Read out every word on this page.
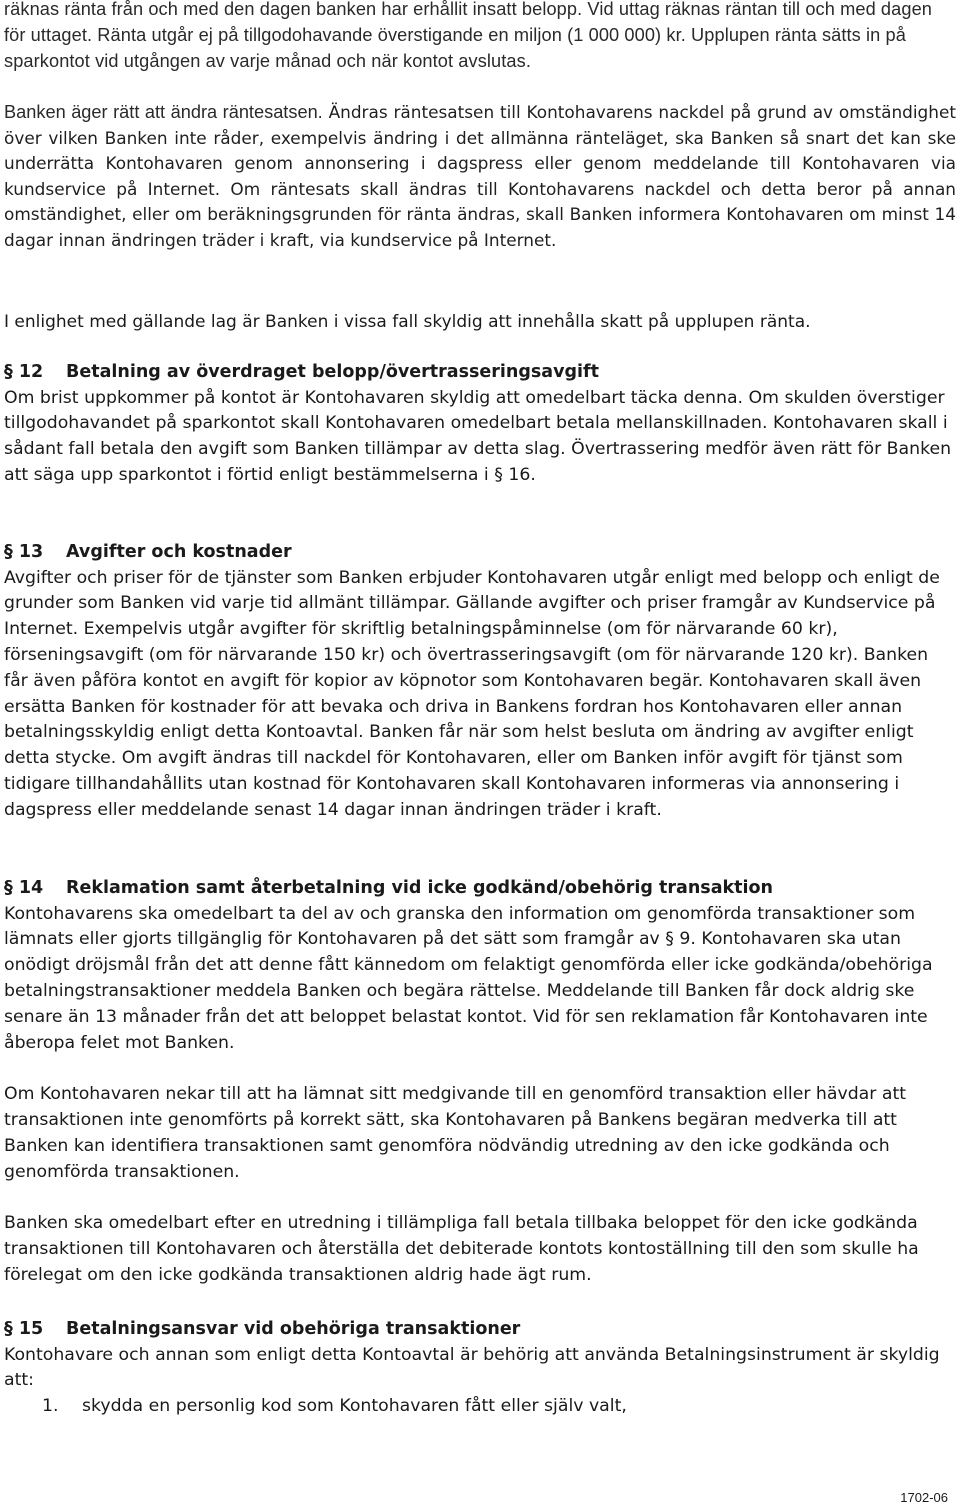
räknas ränta från och med den dagen banken har erhållit insatt belopp. Vid uttag räknas räntan till och med dagen för uttaget. Ränta utgår ej på tillgodohavande överstigande en miljon (1 000 000) kr. Upplupen ränta sätts in på sparkontot vid utgången av varje månad och när kontot avslutas.

Banken äger rätt att ändra räntesatsen. Ändras räntesatsen till Kontohavarens nackdel på grund av omständighet över vilken Banken inte råder, exempelvis ändring i det allmänna ränteläget, ska Banken så snart det kan ske underrätta Kontohavaren genom annonsering i dagspress eller genom meddelande till Kontohavaren via kundservice på Internet. Om räntesats skall ändras till Kontohavarens nackdel och detta beror på annan omständighet, eller om beräkningsgrunden för ränta ändras, skall Banken informera Kontohavaren om minst 14 dagar innan ändringen träder i kraft, via kundservice på Internet.

I enlighet med gällande lag är Banken i vissa fall skyldig att innehålla skatt på upplupen ränta.

§ 12 Betalning av överdraget belopp/övertrasseringsavgift

Om brist uppkommer på kontot är Kontohavaren skyldig att omedelbart täcka denna. Om skulden överstiger tillgodohavandet på sparkontot skall Kontohavaren omedelbart betala mellanskillnaden. Kontohavaren skall i sådant fall betala den avgift som Banken tillämpar av detta slag. Övertrassering medför även rätt för Banken att säga upp sparkontot i förtid enligt bestämmelserna i § 16.

§ 13 Avgifter och kostnader

Avgifter och priser för de tjänster som Banken erbjuder Kontohavaren utgår enligt med belopp och enligt de grunder som Banken vid varje tid allmänt tillämpar. Gällande avgifter och priser framgår av Kundservice på Internet. Exempelvis utgår avgifter för skriftlig betalningspåminnelse (om för närvarande 60 kr), förseningsavgift (om för närvarande 150 kr) och övertrasseringsavgift (om för närvarande 120 kr). Banken får även påföra kontot en avgift för kopior av köpnotor som Kontohavaren begär. Kontohavaren skall även ersätta Banken för kostnader för att bevaka och driva in Bankens fordran hos Kontohavaren eller annan betalningsskyldig enligt detta Kontoavtal. Banken får när som helst besluta om ändring av avgifter enligt detta stycke. Om avgift ändras till nackdel för Kontohavaren, eller om Banken inför avgift för tjänst som tidigare tillhandahållits utan kostnad för Kontohavaren skall Kontohavaren informeras via annonsering i dagspress eller meddelande senast 14 dagar innan ändringen träder i kraft.

§ 14 Reklamation samt återbetalning vid icke godkänd/obehörig transaktion

Kontohavarens ska omedelbart ta del av och granska den information om genomförda transaktioner som lämnats eller gjorts tillgänglig för Kontohavaren på det sätt som framgår av § 9. Kontohavaren ska utan onödigt dröjsmål från det att denne fått kännedom om felaktigt genomförda eller icke godkända/obehöriga betalningstransaktioner meddela Banken och begära rättelse. Meddelande till Banken får dock aldrig ske senare än 13 månader från det att beloppet belastat kontot. Vid för sen reklamation får Kontohavaren inte åberopa felet mot Banken.

Om Kontohavaren nekar till att ha lämnat sitt medgivande till en genomförd transaktion eller hävdar att transaktionen inte genomförts på korrekt sätt, ska Kontohavaren på Bankens begäran medverka till att Banken kan identifiera transaktionen samt genomföra nödvändig utredning av den icke godkända och genomförda transaktionen.

Banken ska omedelbart efter en utredning i tillämpliga fall betala tillbaka beloppet för den icke godkända transaktionen till Kontohavaren och återställa det debiterade kontots kontoställning till den som skulle ha förelegat om den icke godkända transaktionen aldrig hade ägt rum.

§ 15 Betalningsansvar vid obehöriga transaktioner

Kontohavare och annan som enligt detta Kontoavtal är behörig att använda Betalningsinstrument är skyldig att:

1. skydda en personlig kod som Kontohavaren fått eller själv valt,
1702-06
